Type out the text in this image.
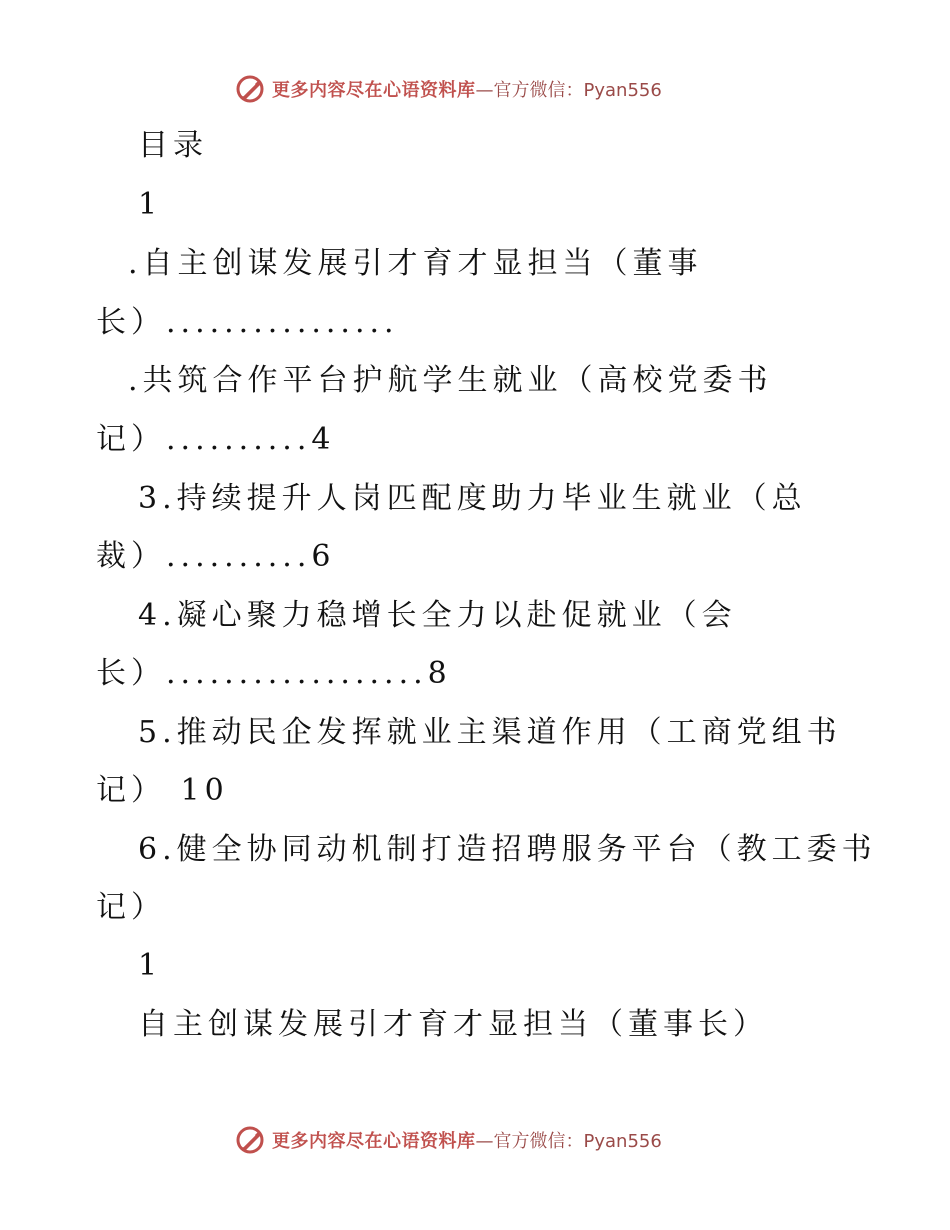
更多内容尽在心语资料库 —官方微信：Pyan556
目录
1
.自主创谋发展引才育才显担当（董事
长）................
.共筑合作平台护航学生就业（高校党委书
记）..........4
3.持续提升人岗匹配度助力毕业生就业（总
裁）..........6
4.凝心聚力稳增长全力以赴促就业（会
长）..................8
5.推动民企发挥就业主渠道作用（工商党组书
记） 10
6.健全协同动机制打造招聘服务平台（教工委书
记）
1
自主创谋发展引才育才显担当（董事长）
更多内容尽在心语资料库 —官方微信：Pyan556
